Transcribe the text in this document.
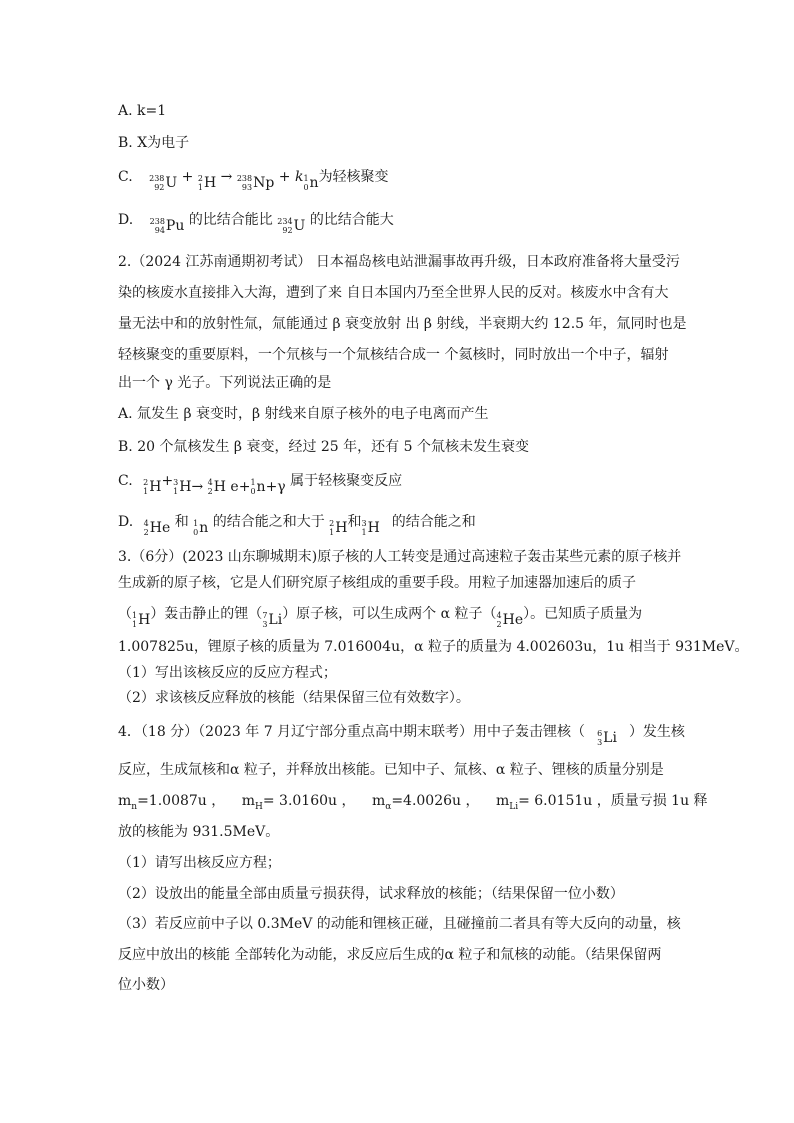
A. k=1
B. X为电子
C. 238
92 U + 2
1 H → 238
93 Np + k 1
0 n 为轻核聚变
D. 238
94 Pu 的比结合能比 234
92 U 的比结合能大
2.（2024 江苏南通期初考试） 日本福岛核电站泄漏事故再升级，日本政府准备将大量受污
染的核废水直接排入大海，遭到了来 自日本国内乃至全世界人民的反对。核废水中含有大
量无法中和的放射性氚，氚能通过 β 衰变放射 出 β 射线，半衰期大约 12.5 年，氚同时也是
轻核聚变的重要原料，一个氘核与一个氚核结合成一 个氦核时，同时放出一个中子，辐射
出一个 γ 光子。下列说法正确的是
A. 氚发生 β 衰变时，β 射线来自原子核外的电子电离而产生
B. 20 个氚核发生 β 衰变，经过 25 年，还有 5 个氚核未发生衰变
C. 2
1 H + 3
1 H→
4
2 H e+ 1
0 n+γ 属于轻核聚变反应
D. 4
2 He 和 1
0 n 的结合能之和大于 2
1 H 和 3
1 H 的结合能之和
3.（6分）(2023 山东聊城期末)原子核的人工转变是通过高速粒子轰击某些元素的原子核并
生成新的原子核，它是人们研究原子核组成的重要手段。用粒子加速器加速后的质子
（ 1
1 H ）轰击静止的锂（ 7
3 Li ）原子核，可以生成两个 α 粒子（ 4
2 He ）。已知质子质量为
1.007825u，锂原子核的质量为 7.016004u，α 粒子的质量为 4.002603u，1u 相当于 931MeV。
（1）写出该核反应的反应方程式；
（2）求该核反应释放的核能（结果保留三位有效数字）。
4．（18 分）（2023 年 7 月辽宁部分重点高中期末联考）用中子轰击锂核（ 6
3 Li ）发生核
反应，生成氚核和α 粒子，并释放出核能。已知中子、氚核、α 粒子、锂核的质量分别是
$m_n=1.0087u$ ， $m_H= 3.0160u$ ， $m_\alpha=4.0026u$ ， $m_{Li}= 6.0151u$ ，质量亏损 1u 释
放的核能为 931.5MeV。
（1）请写出核反应方程；
（2）设放出的能量全部由质量亏损获得，试求释放的核能；（结果保留一位小数）
（3）若反应前中子以 0.3MeV 的动能和锂核正碰，且碰撞前二者具有等大反向的动量，核
反应中放出的核能 全部转化为动能，求反应后生成的α 粒子和氚核的动能。（结果保留两
位小数）
